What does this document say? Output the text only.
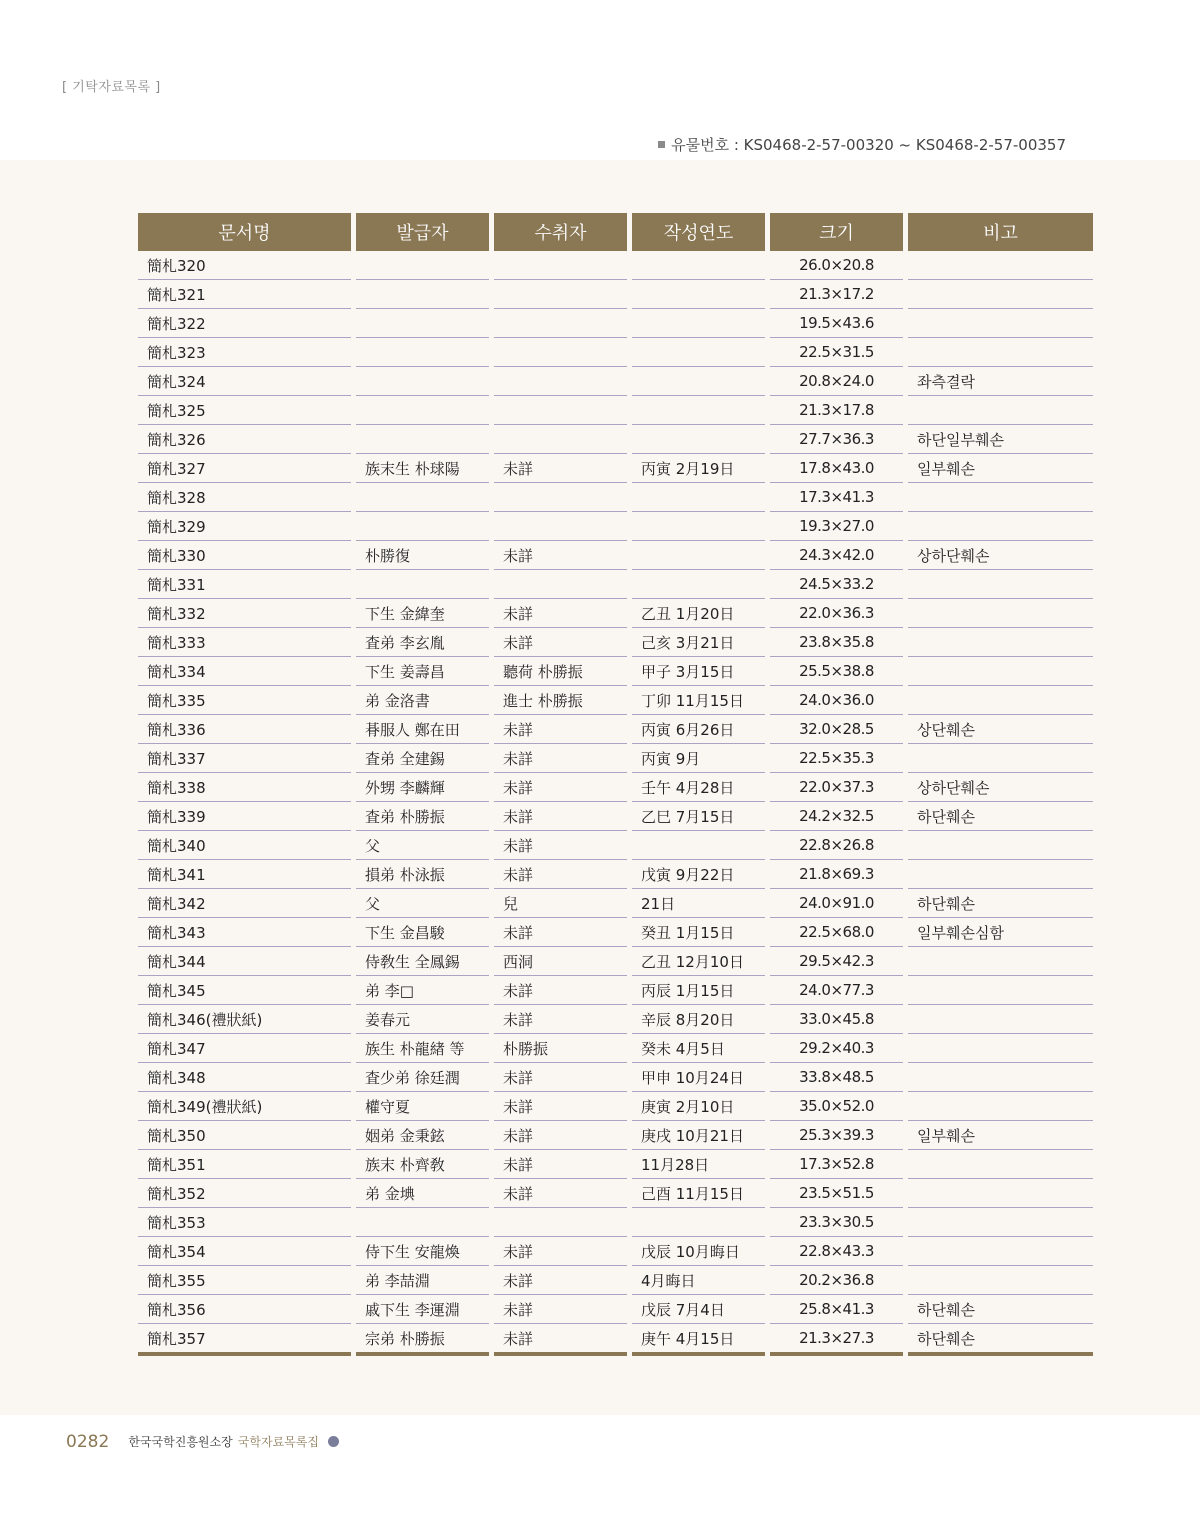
[ 기탁자료목록 ]
유물번호 : KS0468-2-57-00320 ~ KS0468-2-57-00357
문서명	발급자	수취자	작성연도	크기	비고
簡札320				26.0×20.8	
簡札321				21.3×17.2	
簡札322				19.5×43.6	
簡札323				22.5×31.5	
簡札324				20.8×24.0	좌측결락
簡札325				21.3×17.8	
簡札326				27.7×36.3	하단일부훼손
簡札327	族末生 朴球陽	未詳	丙寅 2月19日	17.8×43.0	일부훼손
簡札328				17.3×41.3	
簡札329				19.3×27.0	
簡札330	朴勝復	未詳		24.3×42.0	상하단훼손
簡札331				24.5×33.2	
簡札332	下生 金緯奎	未詳	乙丑 1月20日	22.0×36.3	
簡札333	査弟 李玄胤	未詳	己亥 3月21日	23.8×35.8	
簡札334	下生 姜壽昌	聽荷 朴勝振	甲子 3月15日	25.5×38.8	
簡札335	弟 金洛書	進士 朴勝振	丁卯 11月15日	24.0×36.0	
簡札336	朞服人 鄭在田	未詳	丙寅 6月26日	32.0×28.5	상단훼손
簡札337	査弟 全建錫	未詳	丙寅 9月	22.5×35.3	
簡札338	外甥 李麟輝	未詳	壬午 4月28日	22.0×37.3	상하단훼손
簡札339	査弟 朴勝振	未詳	乙巳 7月15日	24.2×32.5	하단훼손
簡札340	父	未詳		22.8×26.8	
簡札341	損弟 朴泳振	未詳	戊寅 9月22日	21.8×69.3	
簡札342	父	兒	21日	24.0×91.0	하단훼손
簡札343	下生 金昌駿	未詳	癸丑 1月15日	22.5×68.0	일부훼손심함
簡札344	侍敎生 全鳳錫	西洞	乙丑 12月10日	29.5×42.3	
簡札345	弟 李□	未詳	丙辰 1月15日	24.0×77.3	
簡札346(禮狀紙)	姜春元	未詳	辛辰 8月20日	33.0×45.8	
簡札347	族生 朴龍緖 等	朴勝振	癸未 4月5日	29.2×40.3	
簡札348	査少弟 徐廷潤	未詳	甲申 10月24日	33.8×48.5	
簡札349(禮狀紙)	權守夏	未詳	庚寅 2月10日	35.0×52.0	
簡札350	姻弟 金秉鉉	未詳	庚戌 10月21日	25.3×39.3	일부훼손
簡札351	族末 朴齊敎	未詳	11月28日	17.3×52.8	
簡札352	弟 金㙉	未詳	己酉 11月15日	23.5×51.5	
簡札353				23.3×30.5	
簡札354	侍下生 安龍煥	未詳	戊辰 10月晦日	22.8×43.3	
簡札355	弟 李喆淵	未詳	4月晦日	20.2×36.8	
簡札356	戚下生 李運淵	未詳	戊辰 7月4日	25.8×41.3	하단훼손
簡札357	宗弟 朴勝振	未詳	庚午 4月15日	21.3×27.3	하단훼손
0282 한국국학진흥원소장 국학자료목록집
